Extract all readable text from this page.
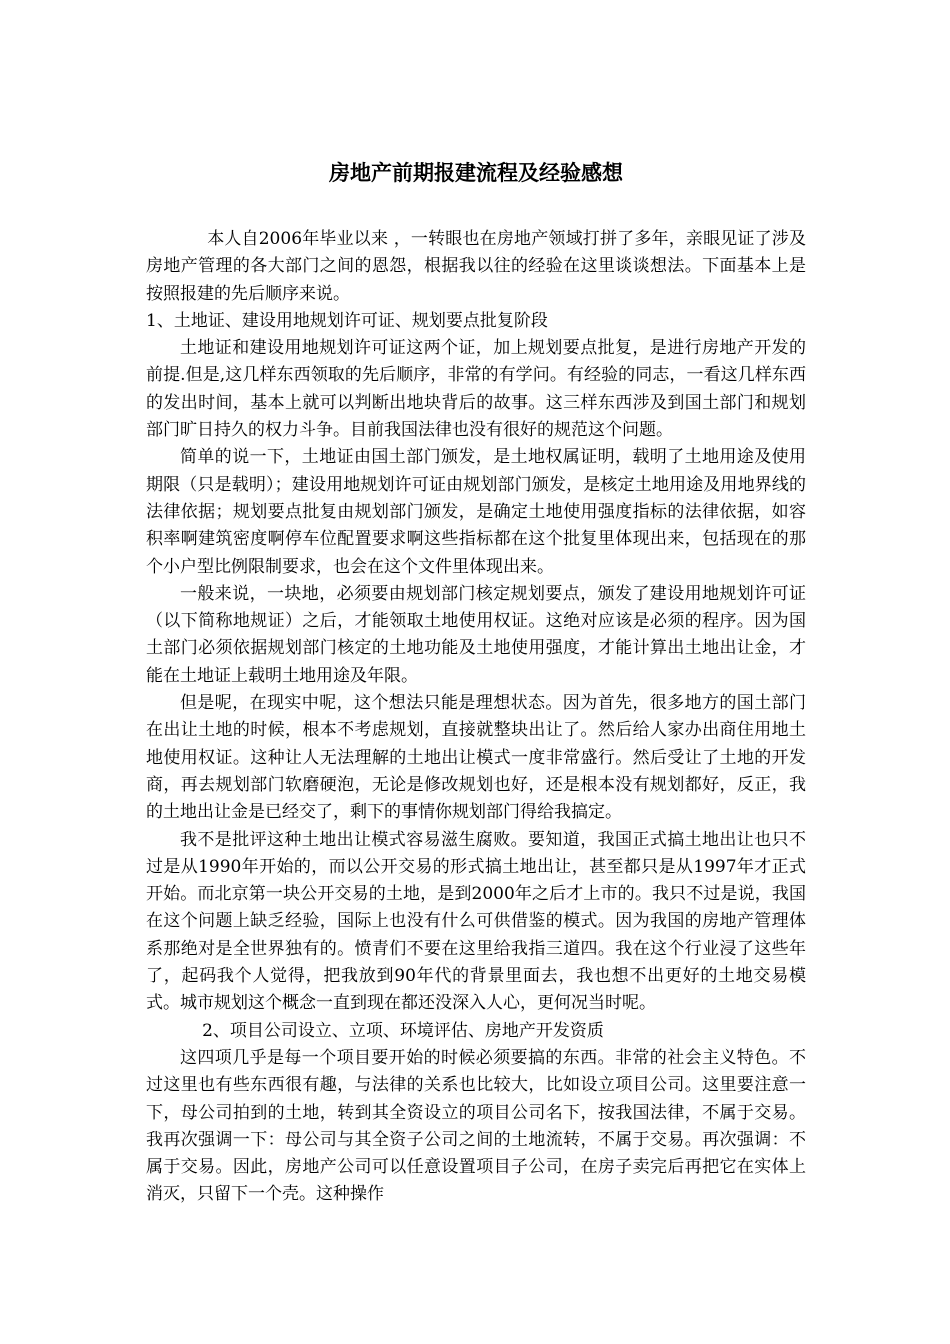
房地产前期报建流程及经验感想

本人自2006年毕业以来 ，一转眼也在房地产领域打拼了多年，亲眼见证了涉及房地产管理的各大部门之间的恩怨，根据我以往的经验在这里谈谈想法。下面基本上是按照报建的先后顺序来说。

1、土地证、建设用地规划许可证、规划要点批复阶段

土地证和建设用地规划许可证这两个证，加上规划要点批复，是进行房地产开发的前提.但是,这几样东西领取的先后顺序，非常的有学问。有经验的同志，一看这几样东西的发出时间，基本上就可以判断出地块背后的故事。这三样东西涉及到国土部门和规划部门旷日持久的权力斗争。目前我国法律也没有很好的规范这个问题。

简单的说一下，土地证由国土部门颁发，是土地权属证明，载明了土地用途及使用期限（只是载明）；建设用地规划许可证由规划部门颁发，是核定土地用途及用地界线的法律依据；规划要点批复由规划部门颁发，是确定土地使用强度指标的法律依据，如容积率啊建筑密度啊停车位配置要求啊这些指标都在这个批复里体现出来，包括现在的那个小户型比例限制要求，也会在这个文件里体现出来。

一般来说，一块地，必须要由规划部门核定规划要点，颁发了建设用地规划许可证（以下简称地规证）之后，才能领取土地使用权证。这绝对应该是必须的程序。因为国土部门必须依据规划部门核定的土地功能及土地使用强度，才能计算出土地出让金，才能在土地证上载明土地用途及年限。

但是呢，在现实中呢，这个想法只能是理想状态。因为首先，很多地方的国土部门在出让土地的时候，根本不考虑规划，直接就整块出让了。然后给人家办出商住用地土地使用权证。这种让人无法理解的土地出让模式一度非常盛行。然后受让了土地的开发商，再去规划部门软磨硬泡，无论是修改规划也好，还是根本没有规划都好，反正，我的土地出让金是已经交了，剩下的事情你规划部门得给我搞定。

我不是批评这种土地出让模式容易滋生腐败。要知道，我国正式搞土地出让也只不过是从1990年开始的，而以公开交易的形式搞土地出让，甚至都只是从1997年才正式开始。而北京第一块公开交易的土地，是到2000年之后才上市的。我只不过是说，我国在这个问题上缺乏经验，国际上也没有什么可供借鉴的模式。因为我国的房地产管理体系那绝对是全世界独有的。愤青们不要在这里给我指三道四。我在这个行业浸了这些年了，起码我个人觉得，把我放到90年代的背景里面去，我也想不出更好的土地交易模式。城市规划这个概念一直到现在都还没深入人心，更何况当时呢。

2、项目公司设立、立项、环境评估、房地产开发资质

这四项几乎是每一个项目要开始的时候必须要搞的东西。非常的社会主义特色。不过这里也有些东西很有趣，与法律的关系也比较大，比如设立项目公司。这里要注意一下，母公司拍到的土地，转到其全资设立的项目公司名下，按我国法律，不属于交易。我再次强调一下：母公司与其全资子公司之间的土地流转，不属于交易。再次强调：不属于交易。因此，房地产公司可以任意设置项目子公司，在房子卖完后再把它在实体上消灭，只留下一个壳。这种操作
